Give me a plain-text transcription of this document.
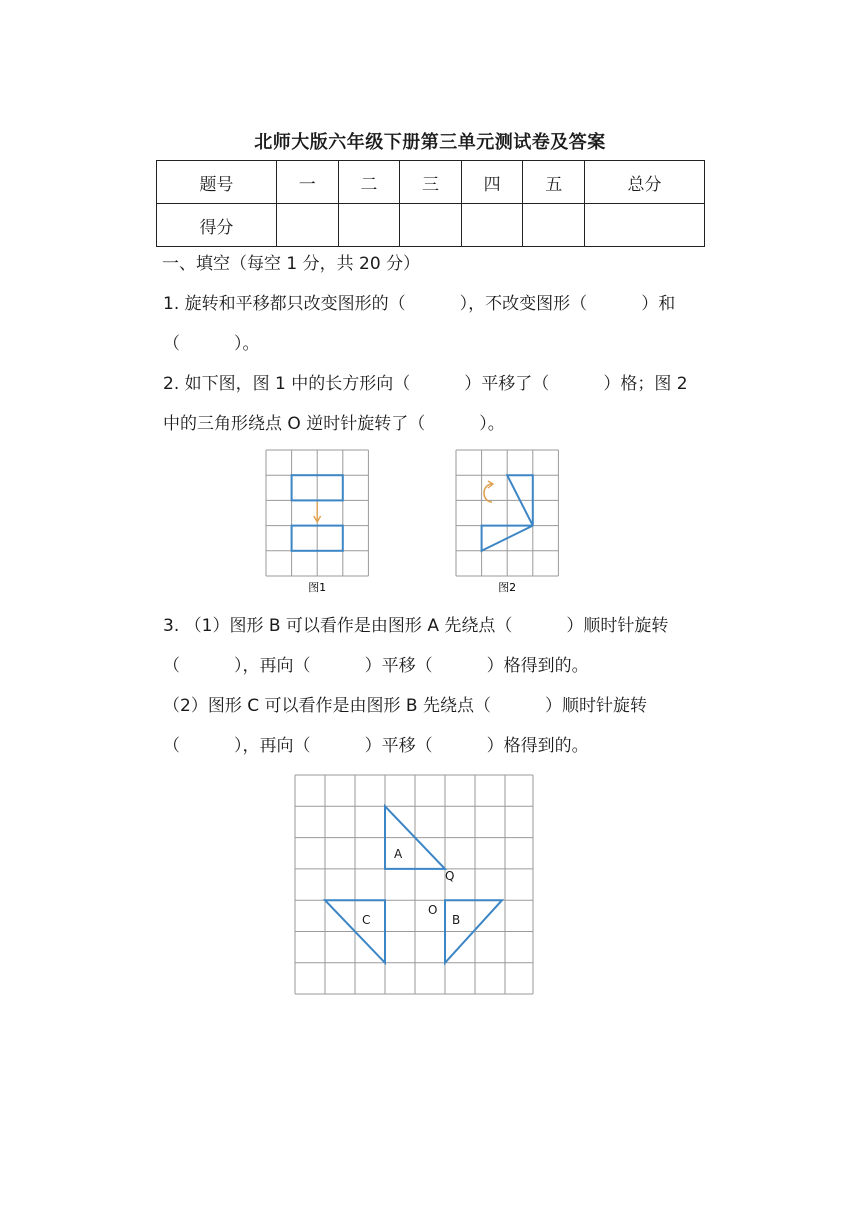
北师大版六年级下册第三单元测试卷及答案
题号	一	二	三	四	五	总分
得分						
一、填空（每空 1 分，共 20 分）
1. 旋转和平移都只改变图形的（          ），不改变图形（          ）和
（          ）。
2. 如下图，图 1 中的长方形向（          ）平移了（          ）格；图 2
中的三角形绕点 O 逆时针旋转了（          ）。
图1	图2
3. （1）图形 B 可以看作是由图形 A 先绕点（          ）顺时针旋转
（          ），再向（          ）平移（          ）格得到的。
（2）图形 C 可以看作是由图形 B 先绕点（          ）顺时针旋转
（          ），再向（          ）平移（          ）格得到的。
A
B
C
O
Q
